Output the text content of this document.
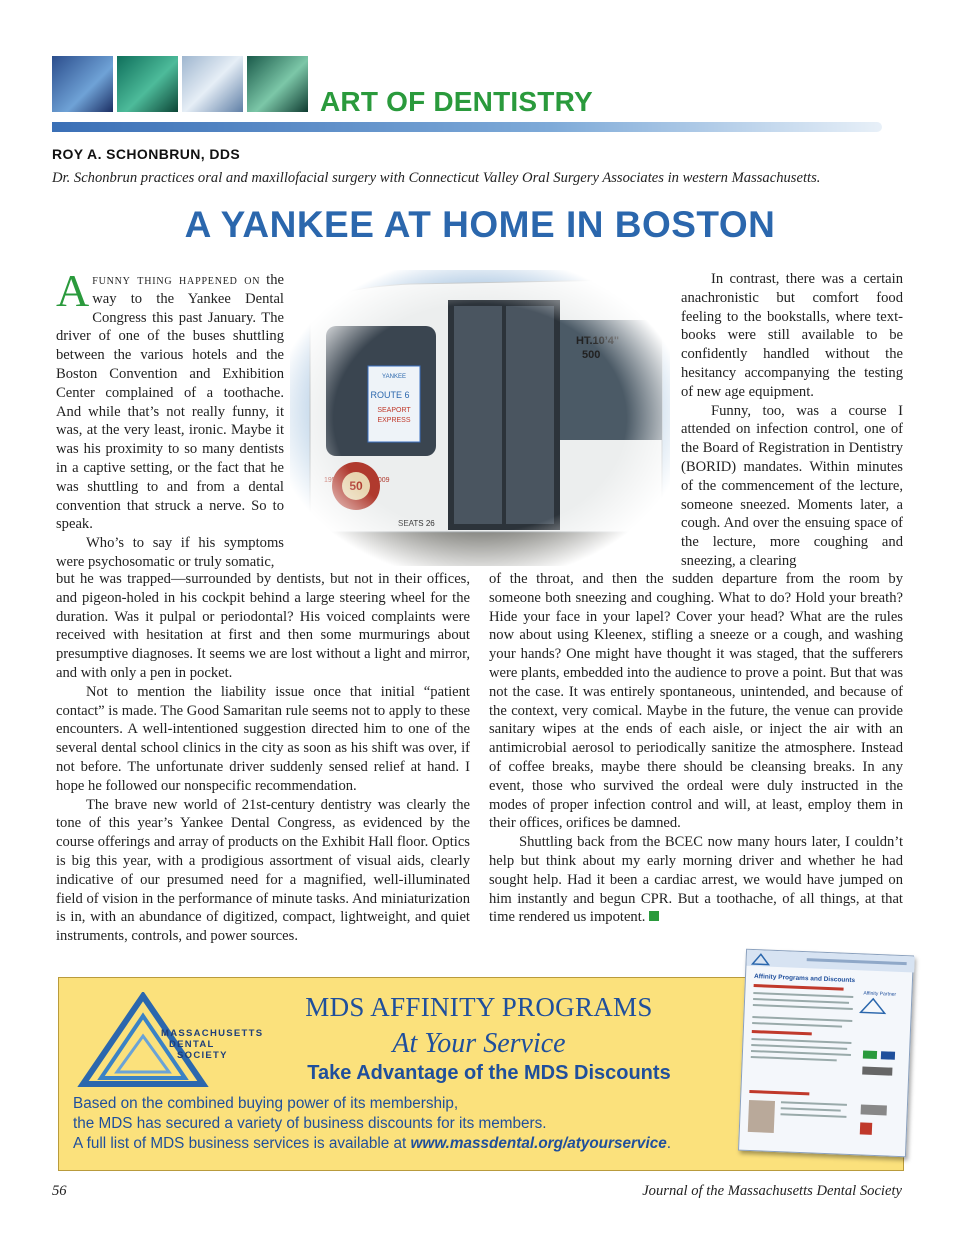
ART OF DENTISTRY
ROY A. SCHONBRUN, DDS
Dr. Schonbrun practices oral and maxillofacial surgery with Connecticut Valley Oral Surgery Associates in western Massachusetts.
A YANKEE AT HOME IN BOSTON

Afunny thing happened on the way to the Yankee Dental Congress this past January. The driver of one of the buses shuttling between the various hotels and the Boston Convention and Exhibition Center complained of a toothache. And while that’s not really funny, it was, at the very least, ironic. Maybe it was his proximity to so many dentists in a captive setting, or the fact that he was shuttling to and from a dental convention that struck a nerve. So to speak.

Who’s to say if his symptoms were psychosomatic or truly somatic,

but he was trapped—surrounded by dentists, but not in their offices, and pigeon-holed in his cockpit behind a large steering wheel for the duration. Was it pulpal or periodontal? His voiced complaints were received with hesitation at first and then some murmurings about presumptive diagnoses. It seems we are lost without a light and mirror, and with only a pen in pocket.

Not to mention the liability issue once that initial “patient contact” is made. The Good Samaritan rule seems not to apply to these encounters. A well-intentioned suggestion directed him to one of the several dental school clinics in the city as soon as his shift was over, if not before. The unfortunate driver suddenly sensed relief at hand. I hope he followed our nonspecific recommendation.

The brave new world of 21st-century dentistry was clearly the tone of this year’s Yankee Dental Congress, as evidenced by the course offerings and array of products on the Exhibit Hall floor. Optics is big this year, with a prodigious assortment of visual aids, clearly indicative of our presumed need for a magnified, well-illuminated field of vision in the performance of minute tasks. And miniaturization is in, with an abundance of digitized, compact, lightweight, and quiet instruments, controls, and power sources.

In contrast, there was a certain anachronistic but comfort food feeling to the bookstalls, where text-books were still available to be confidently handled without the hesitancy accompanying the testing of new age equipment.

Funny, too, was a course I attended on infection control, one of the Board of Registration in Dentistry (BORID) mandates. Within minutes of the commencement of the lecture, someone sneezed. Moments later, a cough. And over the ensuing space of the lecture, more coughing and sneezing, a clearing

of the throat, and then the sudden departure from the room by someone both sneezing and coughing. What to do? Hold your breath? Hide your face in your lapel? Cover your head? What are the rules now about using Kleenex, stifling a sneeze or a cough, and washing your hands? One might have thought it was staged, that the sufferers were plants, embedded into the audience to prove a point. But that was not the case. It was entirely spontaneous, unintended, and because of the context, very comical. Maybe in the future, the venue can provide sanitary wipes at the ends of each aisle, or inject the air with an antimicrobial aerosol to periodically sanitize the atmosphere. Instead of coffee breaks, maybe there should be cleansing breaks. In any event, those who survived the ordeal were duly instructed in the modes of proper infection control and will, at least, employ them in their offices, orifices be damned.

Shuttling back from the BCEC now many hours later, I couldn’t help but think about my early morning driver and whether he had sought help. Had it been a cardiac arrest, we would have jumped on him instantly and begun CPR. But a toothache, of all things, at that time rendered us impotent.

MASSACHUSETTS
DENTAL
SOCIETY
MDS AFFINITY PROGRAMS
At Your Service
Take Advantage of the MDS Discounts
Based on the combined buying power of its membership,
the MDS has secured a variety of business discounts for its members.
A full list of MDS business services is available at www.massdental.org/atyourservice.
Affinity Programs and Discounts
Affinity Partner
56	Journal of the Massachusetts Dental Society
